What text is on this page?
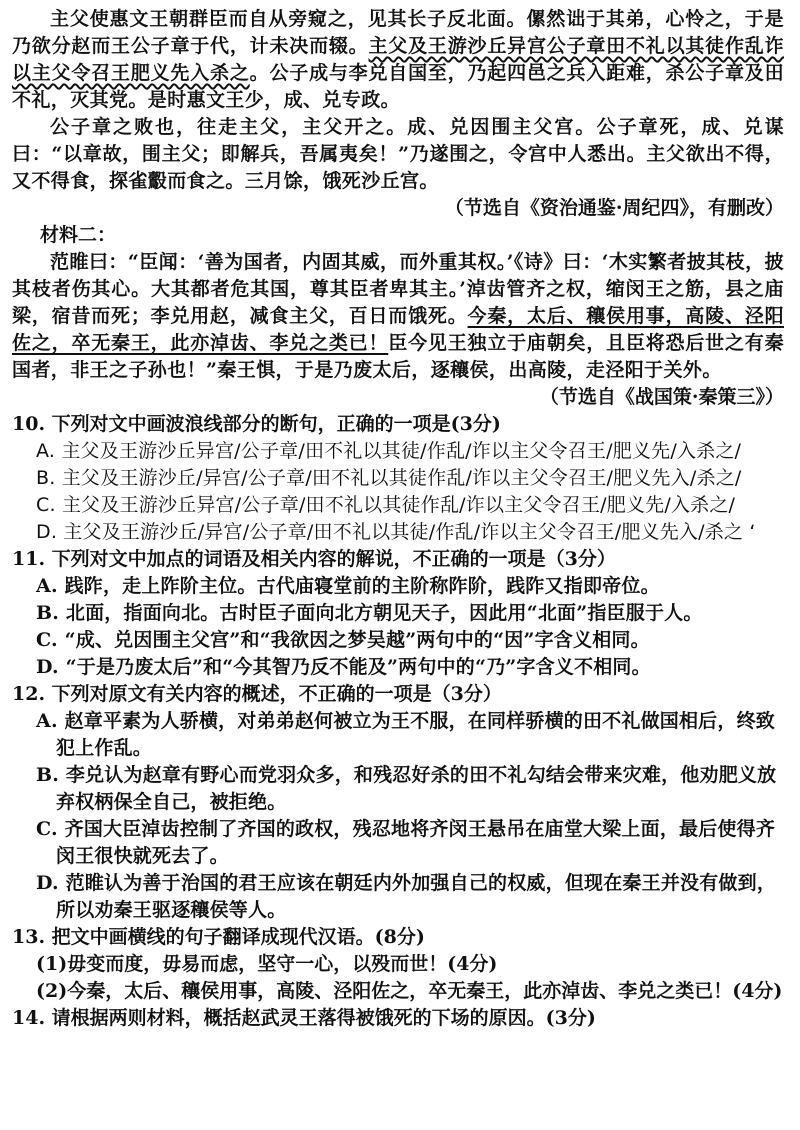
主父使惠文王朝群臣而自从旁窥之，见其长子反北面。傫然诎于其弟，心怜之，于是乃欲分赵而王公子章于代，计未决而辍。主父及王游沙丘异宫公子章田不礼以其徒作乱诈以主父令召王肥义先入杀之。公子成与李兑自国至，乃起四邑之兵入距难，杀公子章及田不礼，灭其党。是时惠文王少，成、兑专政。

公子章之败也，往走主父，主父开之。成、兑因围主父宫。公子章死，成、兑谋曰：“以章故，围主父；即解兵，吾属夷矣！”乃遂围之，令宫中人悉出。主父欲出不得，又不得食，探雀鷇而食之。三月馀，饿死沙丘宫。

（节选自《资治通鉴·周纪四》，有删改）

材料二：

范睢曰：“臣闻：‘善为国者，内固其威，而外重其权。’《诗》曰：‘木实繁者披其枝，披其枝者伤其心。大其都者危其国，尊其臣者卑其主。’淖齿管齐之权，缩闵王之筋，县之庙梁，宿昔而死；李兑用赵，减食主父，百日而饿死。今秦，太后、穰侯用事，高陵、泾阳佐之，卒无秦王，此亦淖齿、李兑之类已！臣今见王独立于庙朝矣，且臣将恐后世之有秦国者，非王之子孙也！”秦王惧，于是乃废太后，逐穰侯，出高陵，走泾阳于关外。

（节选自《战国策·秦策三》）

10. 下列对文中画波浪线部分的断句，正确的一项是(3分)

A. 主父及王游沙丘异宫/公子章/田不礼以其徒/作乱/诈以主父令召王/肥义先/入杀之/

B. 主父及王游沙丘/异宫/公子章/田不礼以其徒作乱/诈以主父令召王/肥义先入/杀之/

C. 主父及王游沙丘异宫/公子章/田不礼以其徒作乱/诈以主父令召王/肥义先/入杀之/

D. 主父及王游沙丘/异宫/公子章/田不礼以其徒/作乱/诈以主父令召王/肥义先入/杀之 ‘

11. 下列对文中加点的词语及相关内容的解说，不正确的一项是（3分）

A. 践阼，走上阼阶主位。古代庙寝堂前的主阶称阼阶，践阼又指即帝位。

B. 北面，指面向北。古时臣子面向北方朝见天子，因此用“北面”指臣服于人。

C. “成、兑因围主父宫”和“我欲因之梦吴越”两句中的“因”字含义相同。

D. “于是乃废太后”和“今其智乃反不能及”两句中的“乃”字含义不相同。

12. 下列对原文有关内容的概述，不正确的一项是（3分）

A. 赵章平素为人骄横，对弟弟赵何被立为王不服，在同样骄横的田不礼做国相后，终致犯上作乱。

B. 李兑认为赵章有野心而党羽众多，和残忍好杀的田不礼勾结会带来灾难，他劝肥义放弃权柄保全自己，被拒绝。

C. 齐国大臣淖齿控制了齐国的政权，残忍地将齐闵王悬吊在庙堂大梁上面，最后使得齐闵王很快就死去了。

D. 范睢认为善于治国的君王应该在朝廷内外加强自己的权威，但现在秦王并没有做到，所以劝秦王驱逐穰侯等人。

13. 把文中画横线的句子翻译成现代汉语。(8分)

(1)毋变而度，毋易而虑，坚守一心，以殁而世！(4分)

(2)今秦，太后、穰侯用事，高陵、泾阳佐之，卒无秦王，此亦淖齿、李兑之类已！(4分)

14. 请根据两则材料，概括赵武灵王落得被饿死的下场的原因。(3分)
